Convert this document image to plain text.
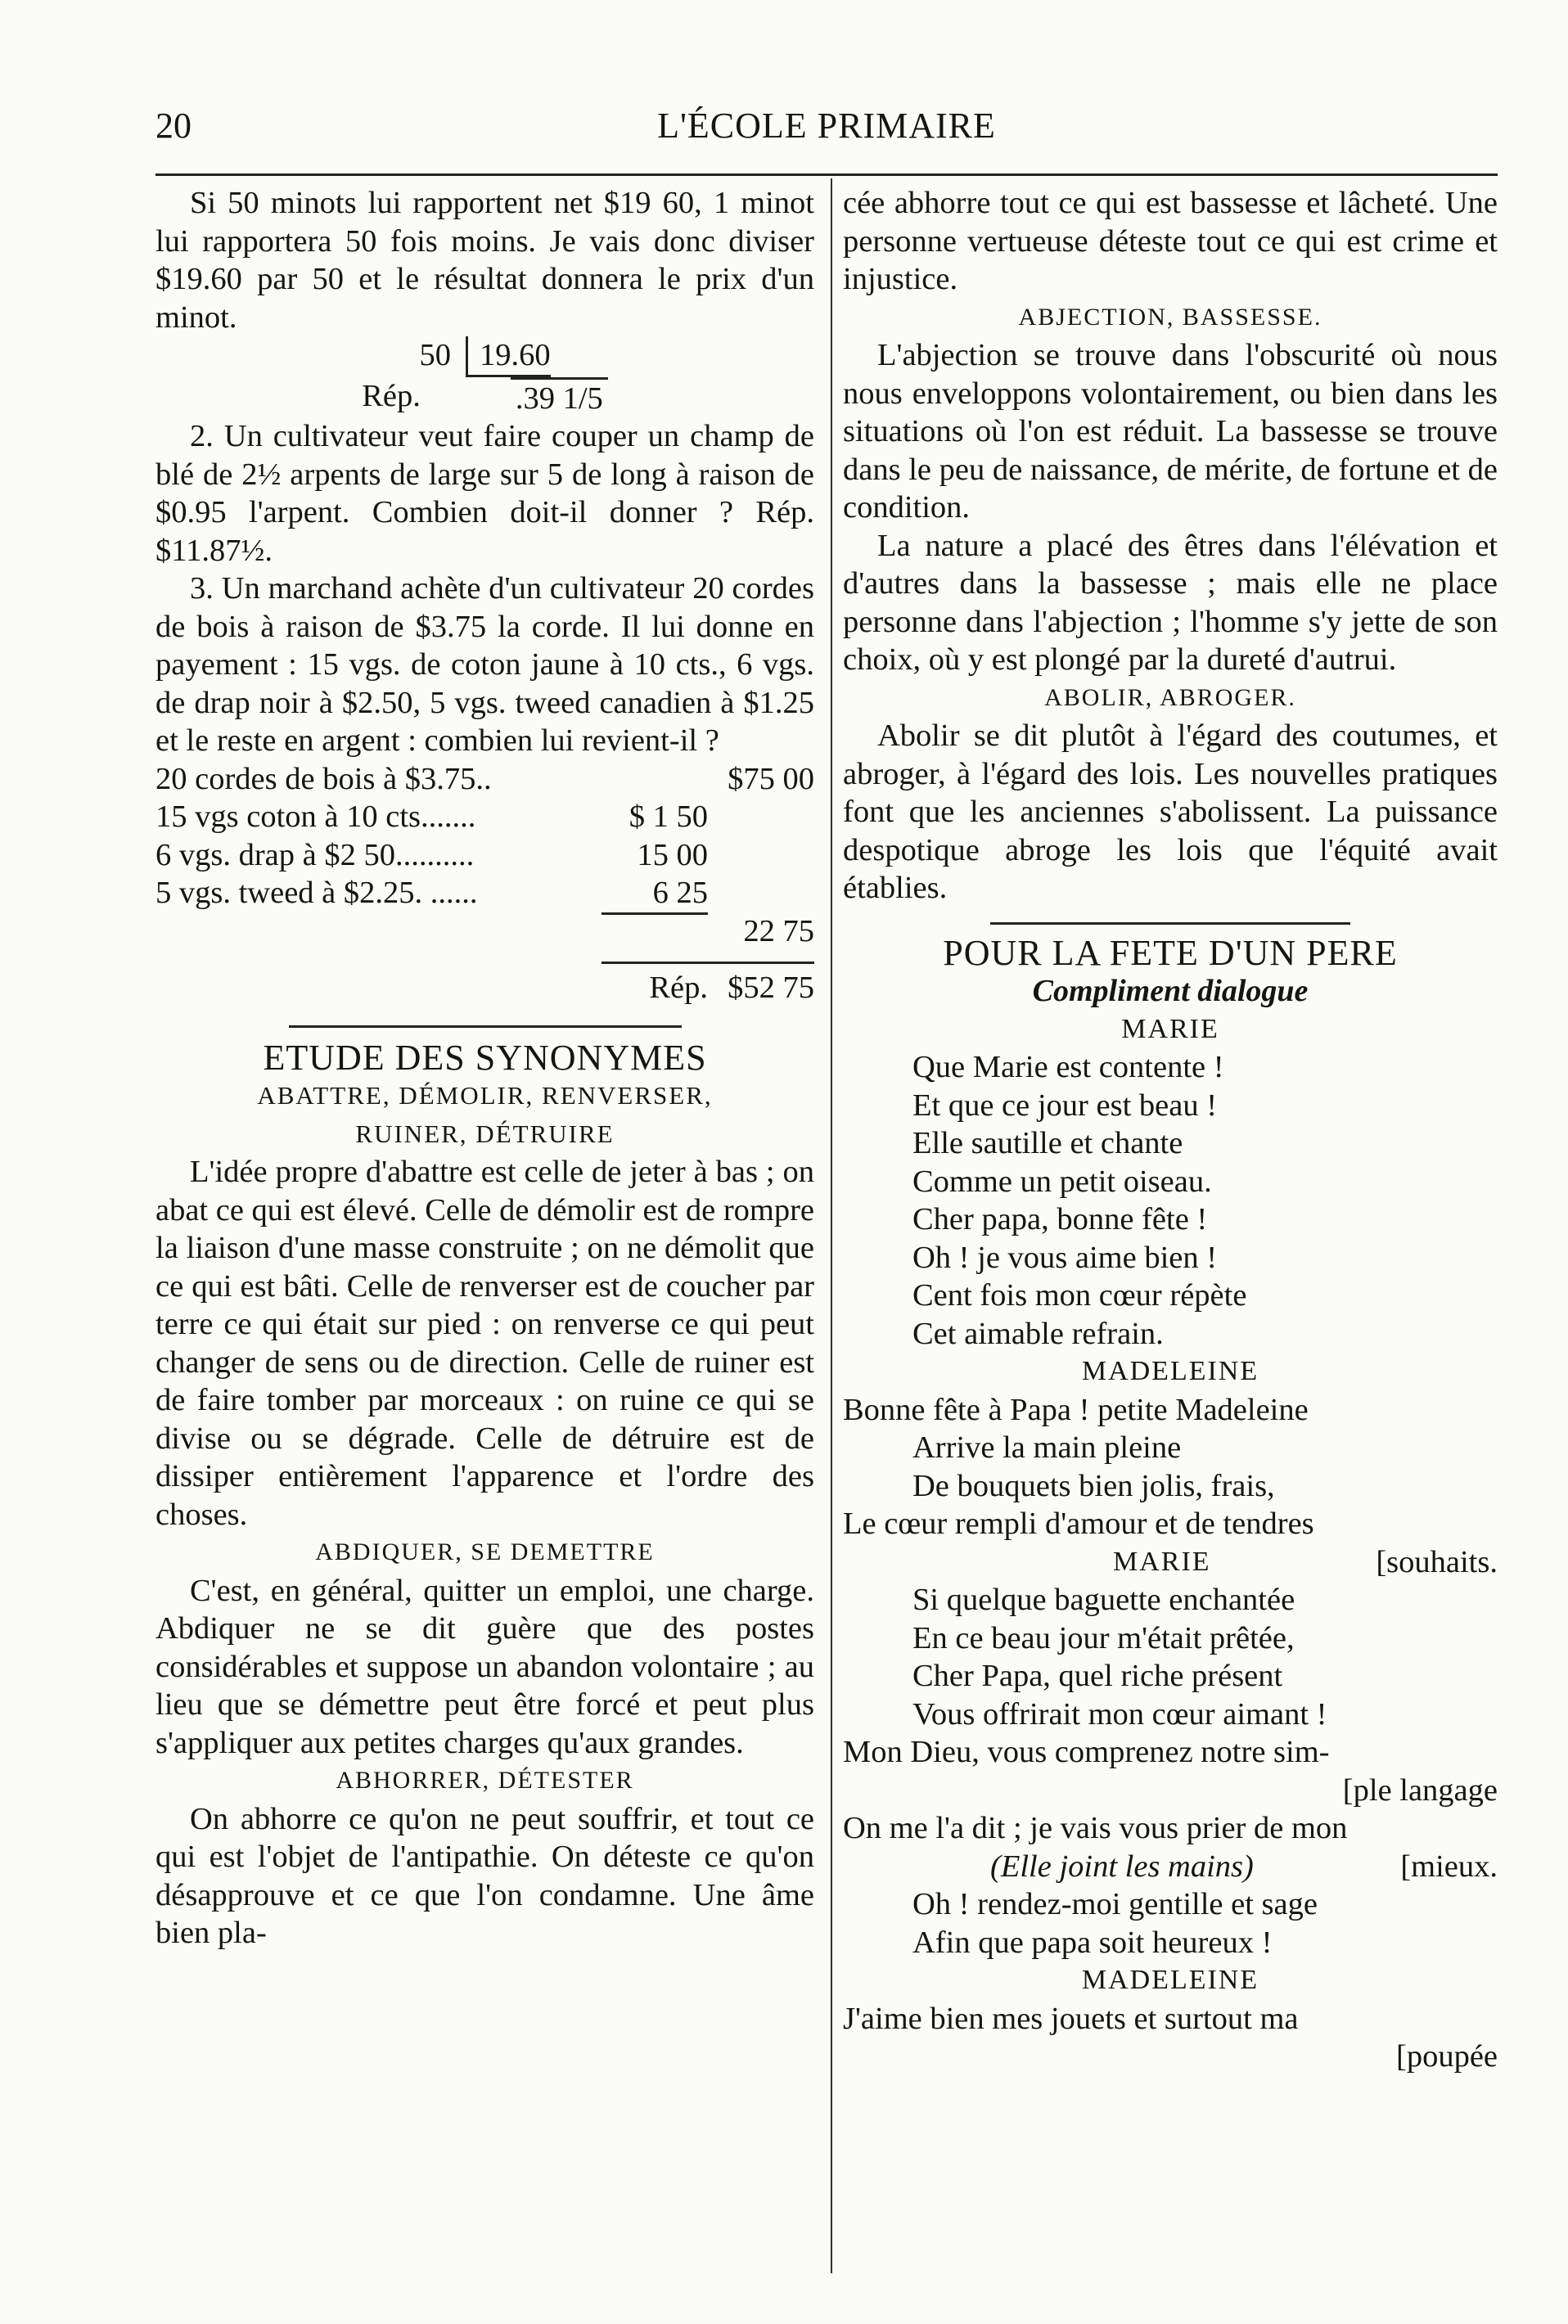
20	L'ÉCOLE PRIMAIRE

Si 50 minots lui rapportent net $19 60, 1 minot lui rapportera 50 fois moins. Je vais donc diviser $19.60 par 50 et le résultat donnera le prix d'un minot.

50 19.60
Rép.	.39 1/5

2. Un cultivateur veut faire couper un champ de blé de 2½ arpents de large sur 5 de long à raison de $0.95 l'arpent. Combien doit-il donner ? Rép. $11.87½.

3. Un marchand achète d'un cultivateur 20 cordes de bois à raison de $3.75 la corde. Il lui donne en payement : 15 vgs. de coton jaune à 10 cts., 6 vgs. de drap noir à $2.50, 5 vgs. tweed canadien à $1.25 et le reste en argent : combien lui revient-il ?

20 cordes de bois à $3.75..	$75 00
15 vgs coton à 10 cts.......	$ 1 50
6 vgs. drap à $2 50..........	15 00
5 vgs. tweed à $2.25. ......	6 25
22 75
Rép. $52 75

ETUDE DES SYNONYMES

ABATTRE, DÉMOLIR, RENVERSER,

RUINER, DÉTRUIRE

L'idée propre d'abattre est celle de jeter à bas ; on abat ce qui est élevé. Celle de démolir est de rompre la liaison d'une masse construite ; on ne démolit que ce qui est bâti. Celle de renverser est de coucher par terre ce qui était sur pied : on renverse ce qui peut changer de sens ou de direction. Celle de ruiner est de faire tomber par morceaux : on ruine ce qui se divise ou se dégrade. Celle de détruire est de dissiper entièrement l'apparence et l'ordre des choses.

ABDIQUER, SE DEMETTRE

C'est, en général, quitter un emploi, une charge. Abdiquer ne se dit guère que des postes considérables et suppose un abandon volontaire ; au lieu que se démettre peut être forcé et peut plus s'appliquer aux petites charges qu'aux grandes.

ABHORRER, DÉTESTER

On abhorre ce qu'on ne peut souffrir, et tout ce qui est l'objet de l'antipathie. On déteste ce qu'on désapprouve et ce que l'on condamne. Une âme bien pla-

cée abhorre tout ce qui est bassesse et lâcheté. Une personne vertueuse déteste tout ce qui est crime et injustice.

ABJECTION, BASSESSE.

L'abjection se trouve dans l'obscurité où nous nous enveloppons volontairement, ou bien dans les situations où l'on est réduit. La bassesse se trouve dans le peu de naissance, de mérite, de fortune et de condition.

La nature a placé des êtres dans l'élévation et d'autres dans la bassesse ; mais elle ne place personne dans l'abjection ; l'homme s'y jette de son choix, où y est plongé par la dureté d'autrui.

ABOLIR, ABROGER.

Abolir se dit plutôt à l'égard des coutumes, et abroger, à l'égard des lois. Les nouvelles pratiques font que les anciennes s'abolissent. La puissance despotique abroge les lois que l'équité avait établies.

POUR LA FETE D'UN PERE

Compliment dialogue

MARIE

Que Marie est contente !

Et que ce jour est beau !

Elle sautille et chante

Comme un petit oiseau.

Cher papa, bonne fête !

Oh ! je vous aime bien !

Cent fois mon cœur répète

Cet aimable refrain.

MADELEINE

Bonne fête à Papa ! petite Madeleine

Arrive la main pleine

De bouquets bien jolis, frais,

Le cœur rempli d'amour et de tendres

MARIE	[souhaits.

Si quelque baguette enchantée

En ce beau jour m'était prêtée,

Cher Papa, quel riche présent

Vous offrirait mon cœur aimant !

Mon Dieu, vous comprenez notre sim-

[ple langage

On me l'a dit ; je vais vous prier de mon

(Elle joint les mains)	[mieux.

Oh ! rendez-moi gentille et sage

Afin que papa soit heureux !

MADELEINE

J'aime bien mes jouets et surtout ma

[poupée
